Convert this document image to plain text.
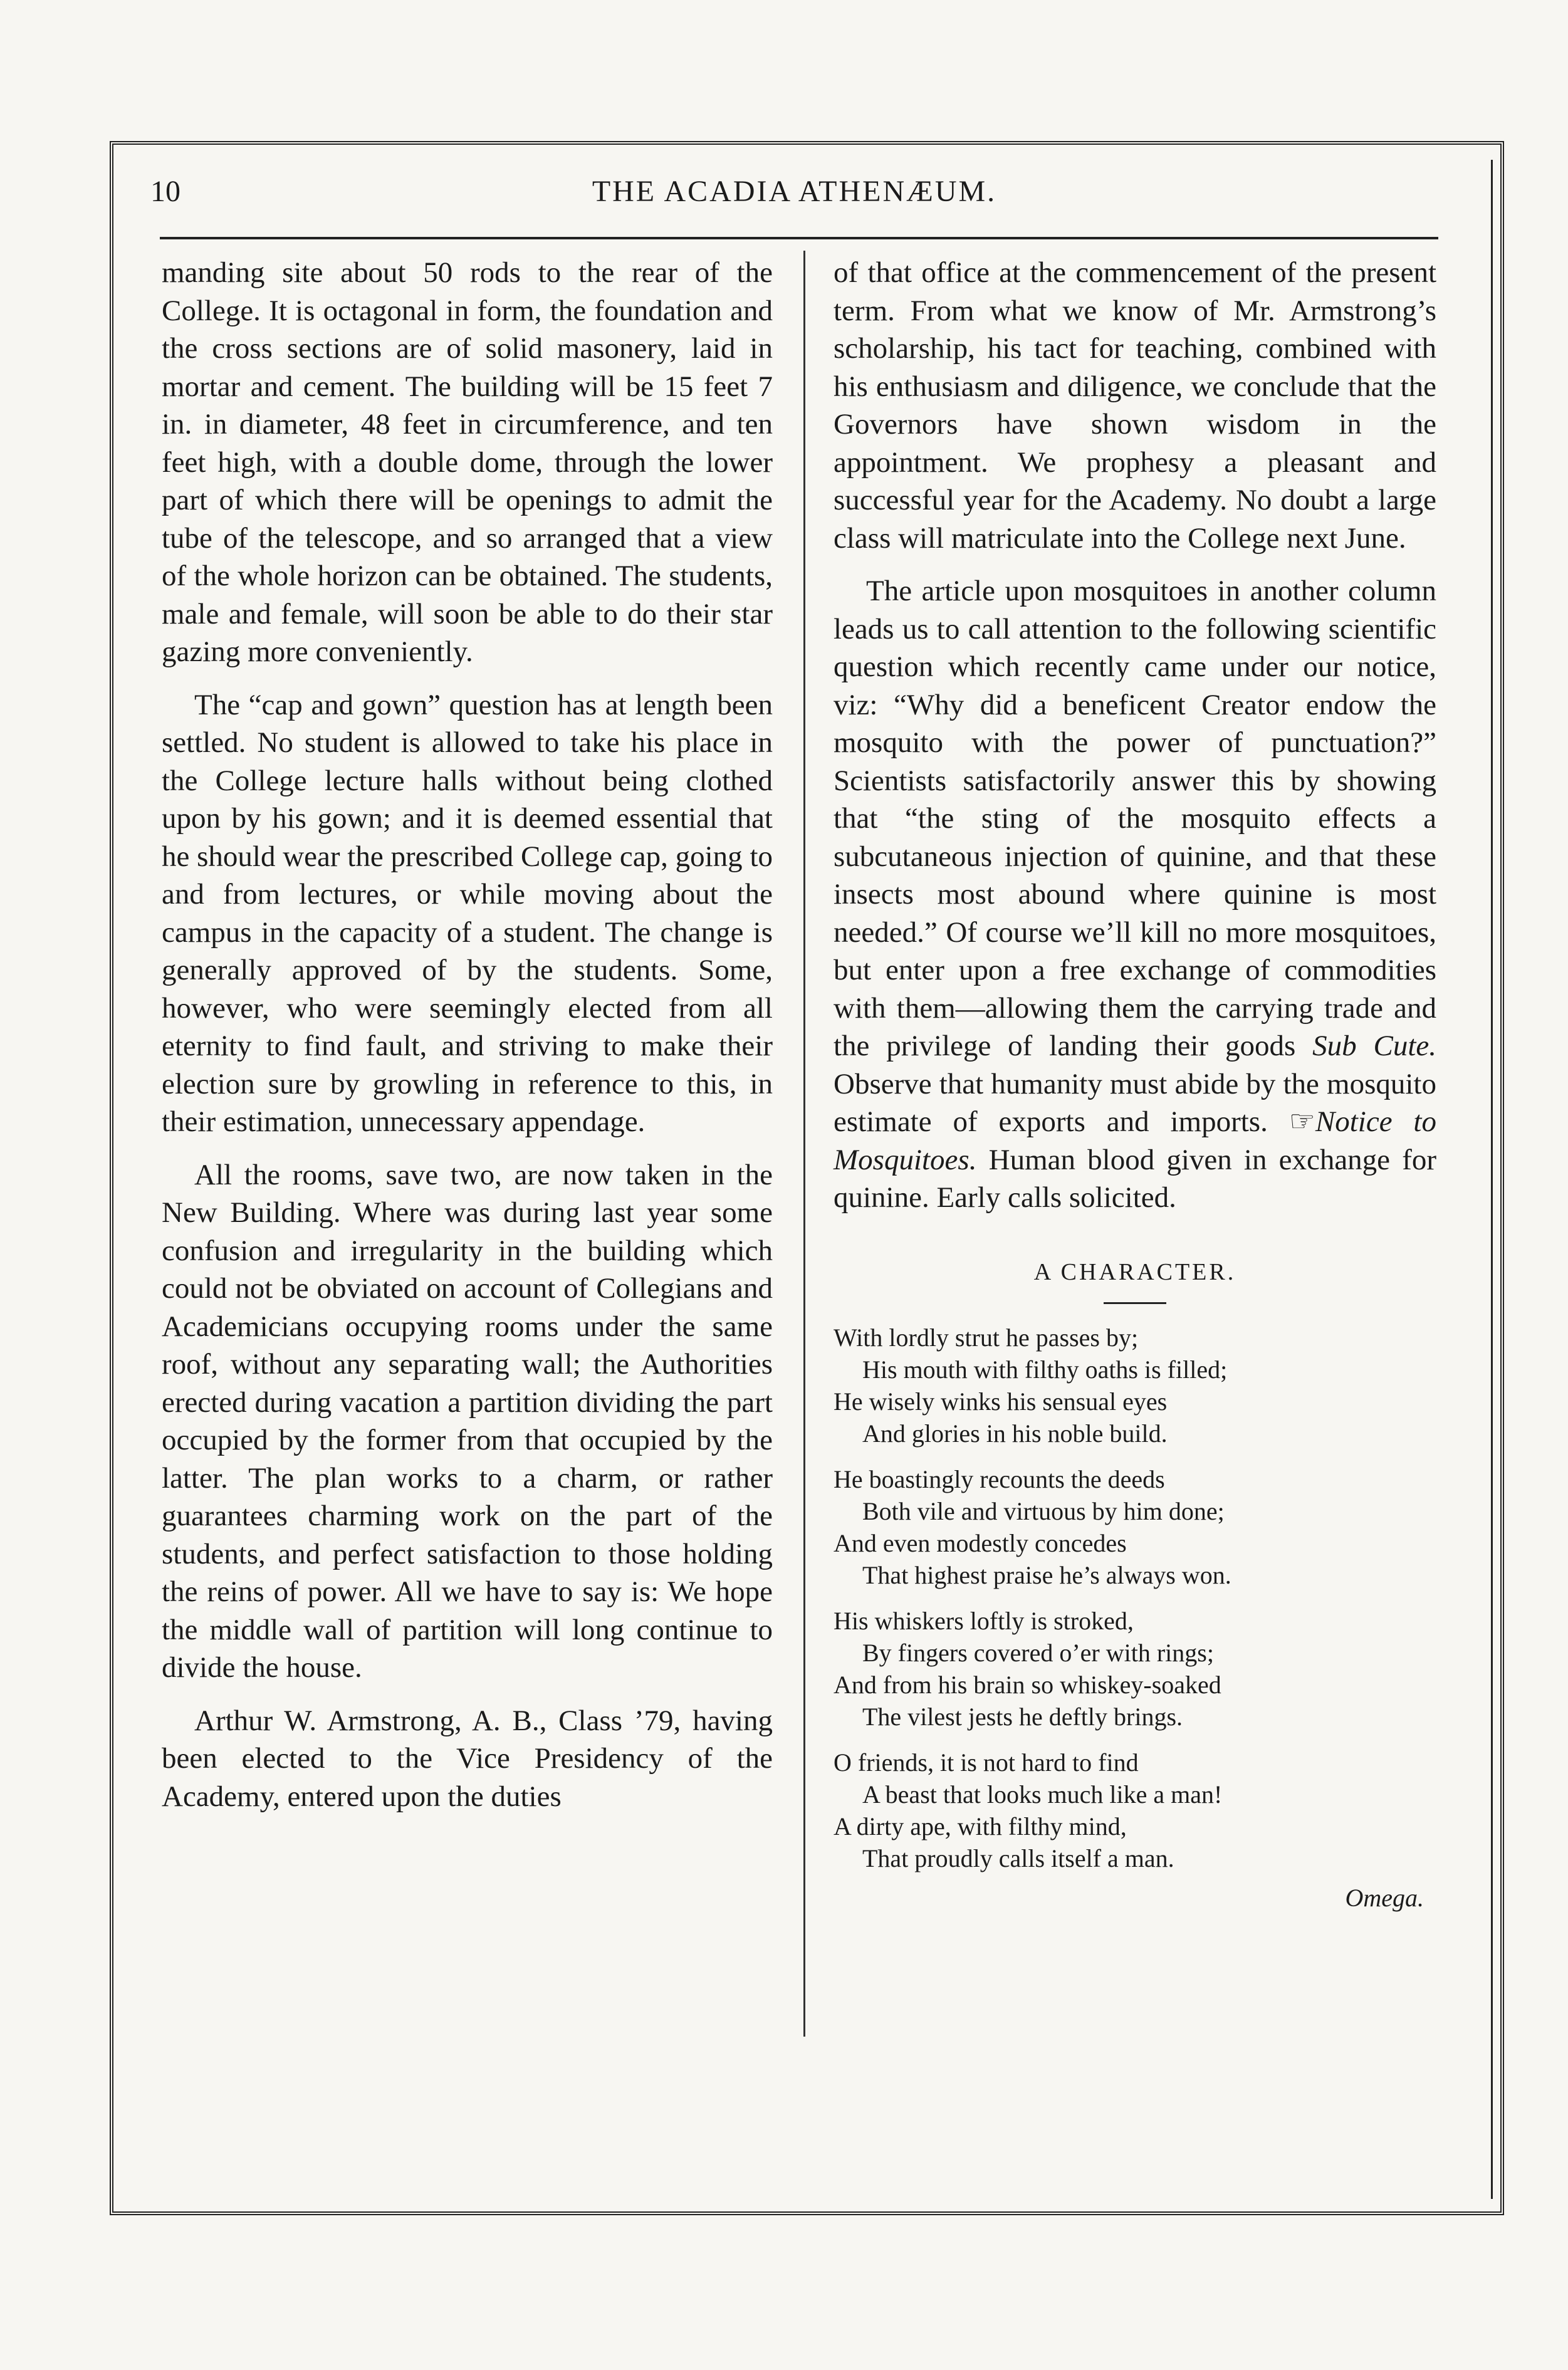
10	THE ACADIA ATHENÆUM.

manding site about 50 rods to the rear of the College. It is octagonal in form, the foundation and the cross sections are of solid masonery, laid in mortar and cement. The building will be 15 feet 7 in. in diameter, 48 feet in circumference, and ten feet high, with a double dome, through the lower part of which there will be openings to admit the tube of the telescope, and so arranged that a view of the whole horizon can be obtained. The students, male and female, will soon be able to do their star gazing more conveniently.

The “cap and gown” question has at length been settled. No student is allowed to take his place in the College lecture halls without being clothed upon by his gown; and it is deemed essential that he should wear the prescribed College cap, going to and from lectures, or while moving about the campus in the capacity of a student. The change is generally approved of by the students. Some, however, who were seemingly elected from all eternity to find fault, and striving to make their election sure by growling in reference to this, in their estimation, unnecessary appendage.

All the rooms, save two, are now taken in the New Building. Where was during last year some confusion and irregularity in the building which could not be obviated on account of Collegians and Academicians occupying rooms under the same roof, without any separating wall; the Authorities erected during vacation a partition dividing the part occupied by the former from that occupied by the latter. The plan works to a charm, or rather guarantees charming work on the part of the students, and perfect satisfaction to those holding the reins of power. All we have to say is: We hope the middle wall of partition will long continue to divide the house.

Arthur W. Armstrong, A. B., Class ’79, having been elected to the Vice Presidency of the Academy, entered upon the duties

of that office at the commencement of the present term. From what we know of Mr. Armstrong’s scholarship, his tact for teaching, combined with his enthusiasm and diligence, we conclude that the Governors have shown wisdom in the appointment. We prophesy a pleasant and successful year for the Academy. No doubt a large class will matriculate into the College next June.

The article upon mosquitoes in another column leads us to call attention to the following scientific question which recently came under our notice, viz: “Why did a beneficent Creator endow the mosquito with the power of punctuation?” Scientists satisfactorily answer this by showing that “the sting of the mosquito effects a subcutaneous injection of quinine, and that these insects most abound where quinine is most needed.” Of course we’ll kill no more mosquitoes, but enter upon a free exchange of commodities with them—allowing them the carrying trade and the privilege of landing their goods Sub Cute. Observe that humanity must abide by the mosquito estimate of exports and imports. ☞Notice to Mosquitoes. Human blood given in exchange for quinine. Early calls solicited.

A CHARACTER.
With lordly strut he passes by;
His mouth with filthy oaths is filled;
He wisely winks his sensual eyes
And glories in his noble build.
He boastingly recounts the deeds
Both vile and virtuous by him done;
And even modestly concedes
That highest praise he’s always won.
His whiskers loftly is stroked,
By fingers covered o’er with rings;
And from his brain so whiskey-soaked
The vilest jests he deftly brings.
O friends, it is not hard to find
A beast that looks much like a man!
A dirty ape, with filthy mind,
That proudly calls itself a man.
Omega.
